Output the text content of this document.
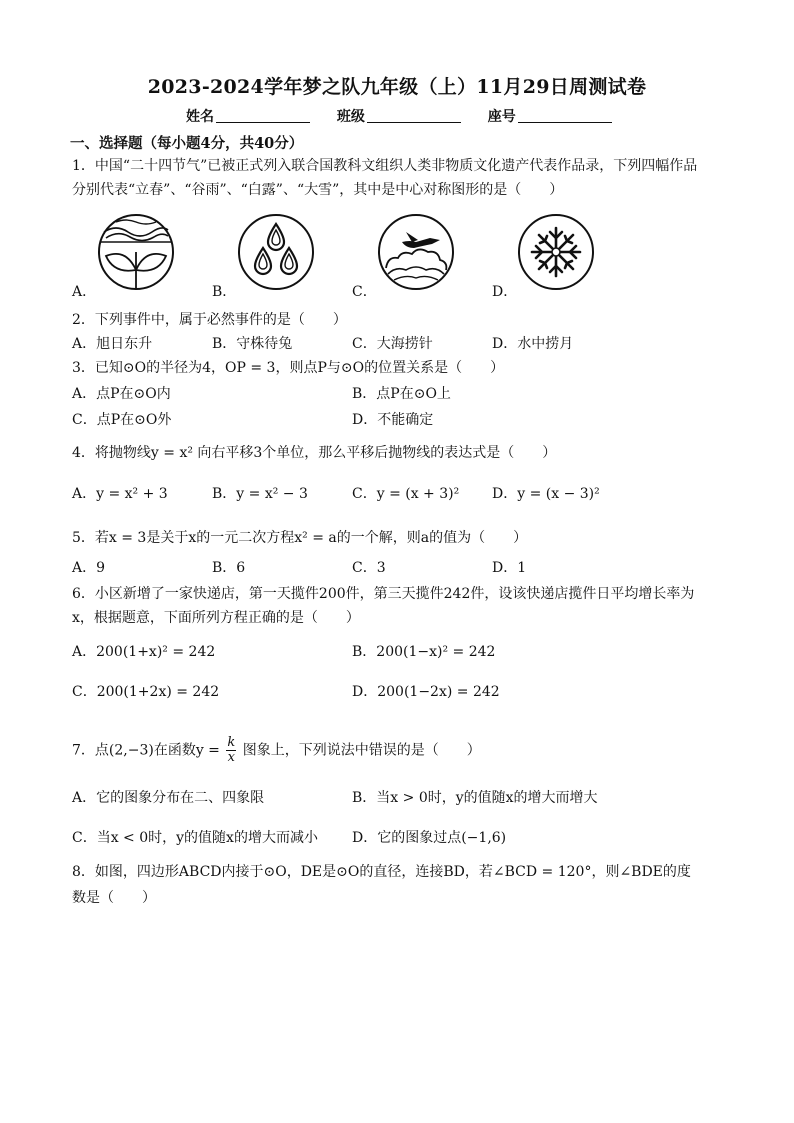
2023-2024学年梦之队九年级（上）11月29日周测试卷
姓名	班级	座号
一、选择题（每小题4分，共40分）
1．中国“二十四节气”已被正式列入联合国教科文组织人类非物质文化遗产代表作品录，下列四幅作品
分别代表“立春”、“谷雨”、“白露”、“大雪”，其中是中心对称图形的是（　　）
A．	B．	C．	D．
2．下列事件中，属于必然事件的是（　　）
A．旭日东升	B．守株待兔	C．大海捞针	D．水中捞月
3．已知⊙O的半径为4，OP = 3，则点P与⊙O的位置关系是（　　）
A．点P在⊙O内	B．点P在⊙O上
C．点P在⊙O外	D．不能确定
4．将抛物线y = x² 向右平移3个单位，那么平移后抛物线的表达式是（　　）
A．y = x² + 3	B．y = x² − 3	C．y = (x + 3)² D．y = (x − 3)²
5．若x = 3是关于x的一元二次方程x² = a的一个解，则a的值为（　　）
A．9	B．6	C．3	D．1
6．小区新增了一家快递店，第一天揽件200件，第三天揽件242件，设该快递店揽件日平均增长率为
x，根据题意，下面所列方程正确的是（　　）
A．200(1+x)² = 242	B．200(1−x)² = 242
C．200(1+2x) = 242	D．200(1−2x) = 242
7．点(2,−3)在函数$y = \frac{k}{x}$ 图象上，下列说法中错误的是（　　）
A．它的图象分布在二、四象限	B．当x > 0时，y的值随x的增大而增大
C．当x < 0时，y的值随x的增大而减小 D．它的图象过点(−1,6)
8．如图，四边形ABCD内接于⊙O，DE是⊙O的直径，连接BD，若∠BCD = 120°，则∠BDE的度
数是（　　）
